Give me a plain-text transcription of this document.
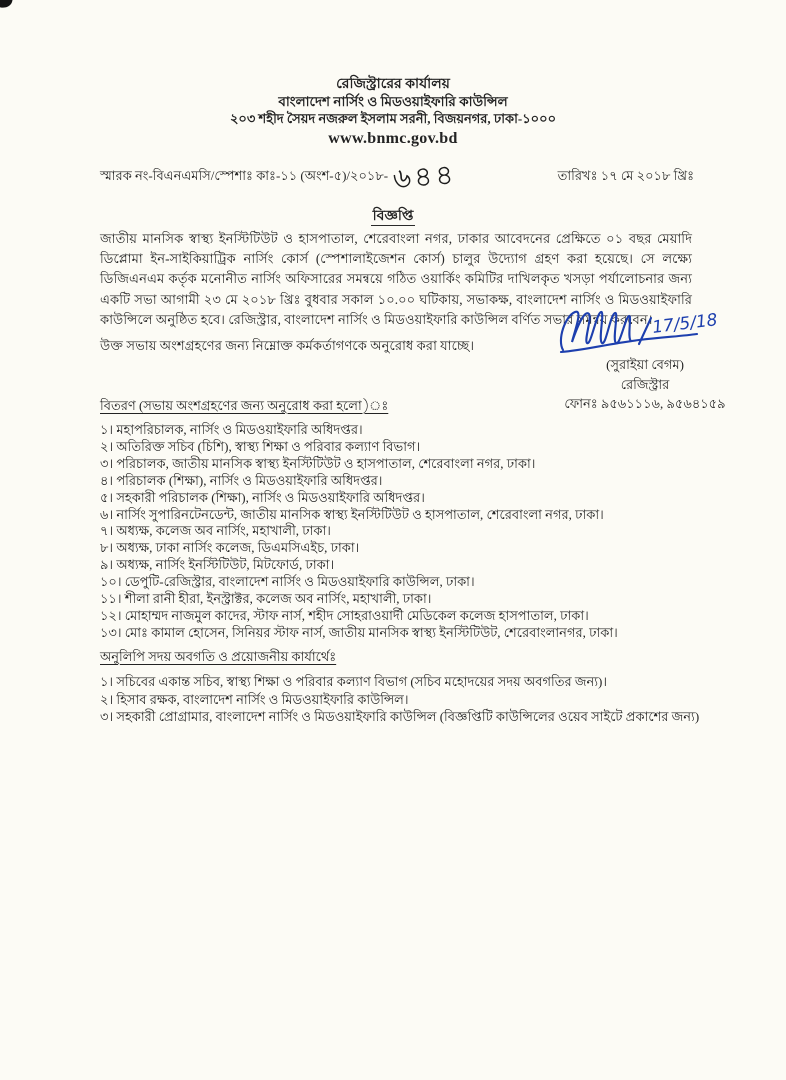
রেজিস্ট্রারের কার্যালয়
বাংলাদেশ নার্সিং ও মিডওয়াইফারি কাউন্সিল
২০৩ শহীদ সৈয়দ নজরুল ইসলাম সরনী, বিজয়নগর, ঢাকা-১০০০
www.bnmc.gov.bd
স্মারক নং-বিএনএমসি/স্পেশাঃ কাঃ-১১ (অংশ-৫)/২০১৮- ৬৪৪	তারিখঃ ১৭ মে ২০১৮ খ্রিঃ
বিজ্ঞপ্তি
জাতীয় মানসিক স্বাস্থ্য ইনস্টিটিউট ও হাসপাতাল, শেরেবাংলা নগর, ঢাকার আবেদনের প্রেক্ষিতে ০১ বছর মেয়াদি ডিপ্লোমা ইন-সাইকিয়াট্রিক নার্সিং কোর্স (স্পেশালাইজেশন কোর্স) চালুর উদ্যোগ গ্রহণ করা হয়েছে। সে লক্ষ্যে ডিজিএনএম কর্তৃক মনোনীত নার্সিং অফিসারের সমন্বয়ে গঠিত ওয়ার্কিং কমিটির দাখিলকৃত খসড়া পর্যালোচনার জন্য একটি সভা আগামী ২৩ মে ২০১৮ খ্রিঃ বুধবার সকাল ১০.০০ ঘটিকায়, সভাকক্ষ, বাংলাদেশ নার্সিং ও মিডওয়াইফারি কাউন্সিলে অনুষ্ঠিত হবে। রেজিস্ট্রার, বাংলাদেশ নার্সিং ও মিডওয়াইফারি কাউন্সিল বর্ণিত সভার সমন্বয় করবেন।
উক্ত সভায় অংশগ্রহণের জন্য নিম্নোক্ত কর্মকর্তাগণকে অনুরোধ করা যাচ্ছে।
17/5/18
(সুরাইয়া বেগম)
রেজিস্ট্রার
ফোনঃ ৯৫৬১১১৬, ৯৫৬৪১৫৯
বিতরণ (সভায় অংশগ্রহণের জন্য অনুরোধ করা হলো)ঃ
১। মহাপরিচালক, নার্সিং ও মিডওয়াইফারি অধিদপ্তর।
২। অতিরিক্ত সচিব (চিশি), স্বাস্থ্য শিক্ষা ও পরিবার কল্যাণ বিভাগ।
৩। পরিচালক, জাতীয় মানসিক স্বাস্থ্য ইনস্টিটিউট ও হাসপাতাল, শেরেবাংলা নগর, ঢাকা।
৪। পরিচালক (শিক্ষা), নার্সিং ও মিডওয়াইফারি অধিদপ্তর।
৫। সহকারী পরিচালক (শিক্ষা), নার্সিং ও মিডওয়াইফারি অধিদপ্তর।
৬। নার্সিং সুপারিনটেনডেন্ট, জাতীয় মানসিক স্বাস্থ্য ইনস্টিটিউট ও হাসপাতাল, শেরেবাংলা নগর, ঢাকা।
৭। অধ্যক্ষ, কলেজ অব নার্সিং, মহাখালী, ঢাকা।
৮। অধ্যক্ষ, ঢাকা নার্সিং কলেজ, ডিএমসিএইচ, ঢাকা।
৯। অধ্যক্ষ, নার্সিং ইনস্টিটিউট, মিটফোর্ড, ঢাকা।
১০। ডেপুটি-রেজিস্ট্রার, বাংলাদেশ নার্সিং ও মিডওয়াইফারি কাউন্সিল, ঢাকা।
১১। শীলা রানী হীরা, ইনস্ট্রাক্টর, কলেজ অব নার্সিং, মহাখালী, ঢাকা।
১২। মোহাম্মদ নাজমুল কাদের, স্টাফ নার্স, শহীদ সোহরাওয়ার্দী মেডিকেল কলেজ হাসপাতাল, ঢাকা।
১৩। মোঃ কামাল হোসেন, সিনিয়র স্টাফ নার্স, জাতীয় মানসিক স্বাস্থ্য ইনস্টিটিউট, শেরেবাংলানগর, ঢাকা।
অনুলিপি সদয় অবগতি ও প্রয়োজনীয় কার্যার্থেঃ
১। সচিবের একান্ত সচিব, স্বাস্থ্য শিক্ষা ও পরিবার কল্যাণ বিভাগ (সচিব মহোদয়ের সদয় অবগতির জন্য)।
২। হিসাব রক্ষক, বাংলাদেশ নার্সিং ও মিডওয়াইফারি কাউন্সিল।
৩। সহকারী প্রোগ্রামার, বাংলাদেশ নার্সিং ও মিডওয়াইফারি কাউন্সিল (বিজ্ঞপ্তিটি কাউন্সিলের ওয়েব সাইটে প্রকাশের জন্য)
